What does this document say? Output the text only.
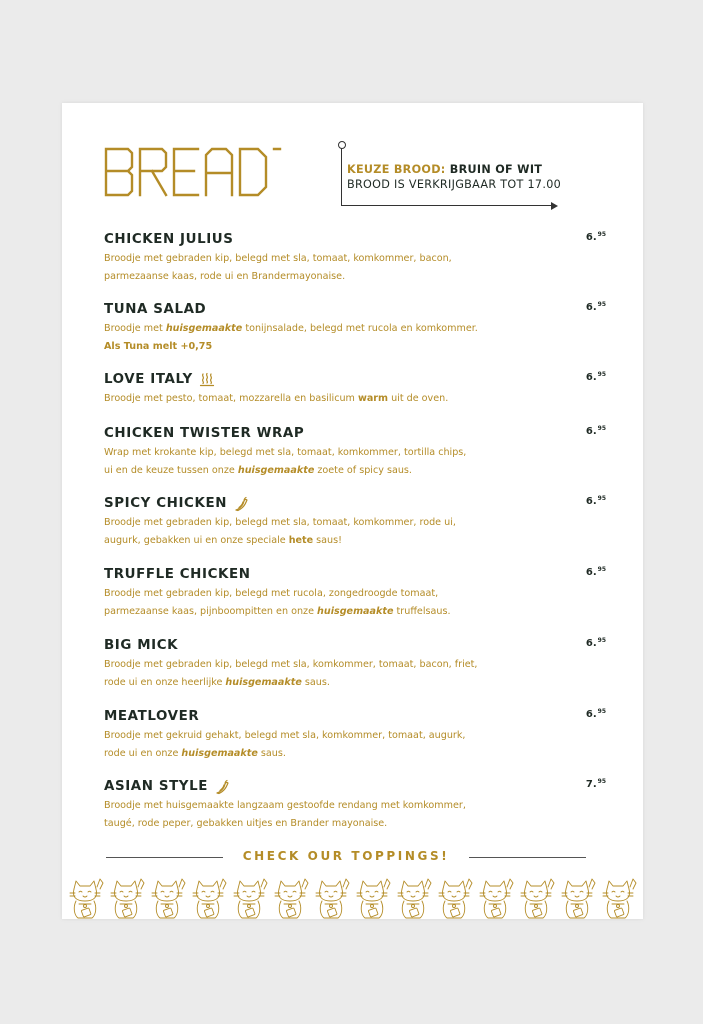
KEUZE BROOD: BRUIN OF WIT
BROOD IS VERKRIJGBAAR TOT 17.00
CHICKEN JULIUS	6.95
Broodje met gebraden kip, belegd met sla, tomaat, komkommer, bacon,
parmezaanse kaas, rode ui en Brandermayonaise.
TUNA SALAD	6.95
Broodje met huisgemaakte tonijnsalade, belegd met rucola en komkommer.
Als Tuna melt +0,75
LOVE ITALY	6.95
Broodje met pesto, tomaat, mozzarella en basilicum warm uit de oven.
CHICKEN TWISTER WRAP	6.95
Wrap met krokante kip, belegd met sla, tomaat, komkommer, tortilla chips,
ui en de keuze tussen onze huisgemaakte zoete of spicy saus.
SPICY CHICKEN	6.95
Broodje met gebraden kip, belegd met sla, tomaat, komkommer, rode ui,
augurk, gebakken ui en onze speciale hete saus!
TRUFFLE CHICKEN	6.95
Broodje met gebraden kip, belegd met rucola, zongedroogde tomaat,
parmezaanse kaas, pijnboompitten en onze huisgemaakte truffelsaus.
BIG MICK	6.95
Broodje met gebraden kip, belegd met sla, komkommer, tomaat, bacon, friet,
rode ui en onze heerlijke huisgemaakte saus.
MEATLOVER	6.95
Broodje met gekruid gehakt, belegd met sla, komkommer, tomaat, augurk,
rode ui en onze huisgemaakte saus.
ASIAN STYLE	7.95
Broodje met huisgemaakte langzaam gestoofde rendang met komkommer,
taugé, rode peper, gebakken uitjes en Brander mayonaise.
CHECK OUR TOPPINGS!
